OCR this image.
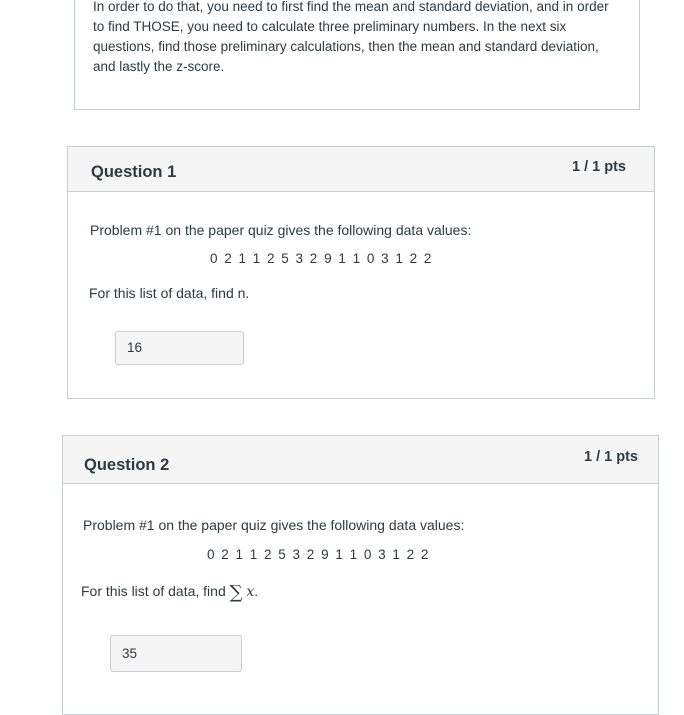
In order to do that, you need to first find the mean and standard deviation, and in order to find THOSE, you need to calculate three preliminary numbers. In the next six questions, find those preliminary calculations, then the mean and standard deviation, and lastly the z-score.
Question 1	1 / 1 pts
Problem #1 on the paper quiz gives the following data values:
0 2 1 1 2 5 3 2 9 1 1 0 3 1 2 2
For this list of data, find n.
16
Question 2	1 / 1 pts
Problem #1 on the paper quiz gives the following data values:
0 2 1 1 2 5 3 2 9 1 1 0 3 1 2 2
For this list of data, find ∑ x.
35
